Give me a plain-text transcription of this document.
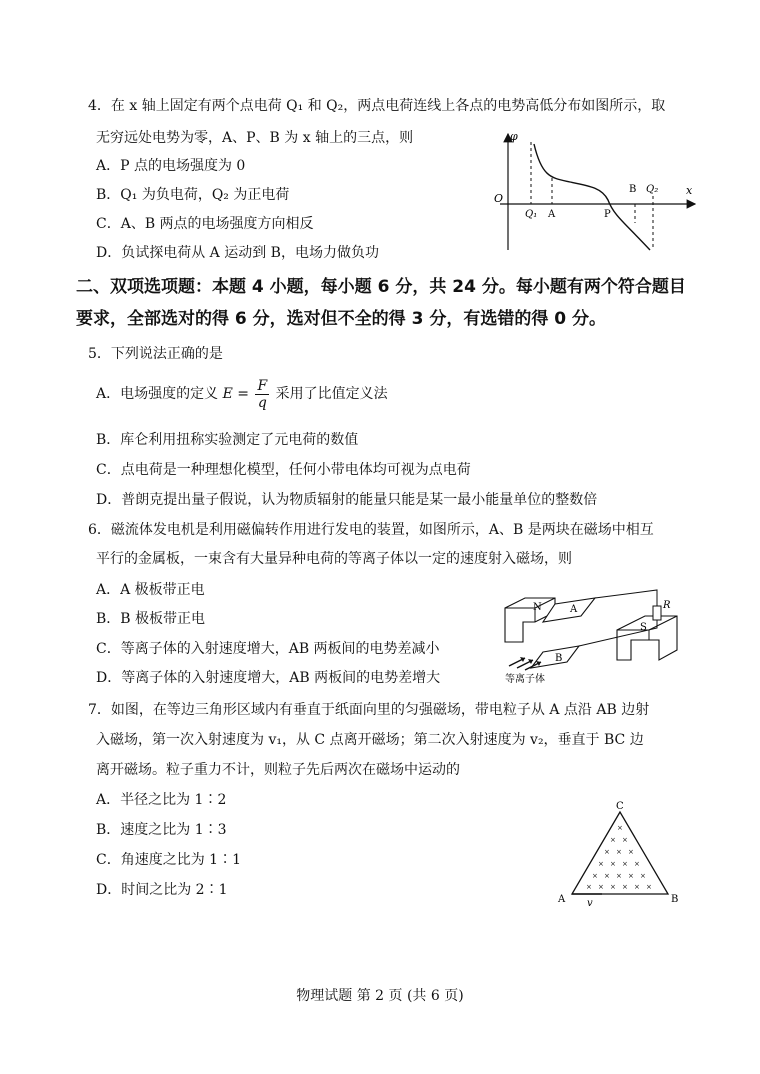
4．在 x 轴上固定有两个点电荷 Q₁ 和 Q₂，两点电荷连线上各点的电势高低分布如图所示，取
无穷远处电势为零，A、P、B 为 x 轴上的三点，则
A．P 点的电场强度为 0
B．Q₁ 为负电荷，Q₂ 为正电荷
C．A、B 两点的电场强度方向相反
D．负试探电荷从 A 运动到 B，电场力做负功
φ
O
Q₁ A	P
B Q₂	x
二、双项选项题：本题 4 小题，每小题 6 分，共 24 分。每小题有两个符合题目
要求，全部选对的得 6 分，选对但不全的得 3 分，有选错的得 0 分。
5．下列说法正确的是
A．电场强度的定义 $E = \frac{F}{q}$ 采用了比值定义法
B．库仑利用扭称实验测定了元电荷的数值
C．点电荷是一种理想化模型，任何小带电体均可视为点电荷
D．普朗克提出量子假说，认为物质辐射的能量只能是某一最小能量单位的整数倍
6．磁流体发电机是利用磁偏转作用进行发电的装置，如图所示，A、B 是两块在磁场中相互
平行的金属板，一束含有大量异种电荷的等离子体以一定的速度射入磁场，则
A．A 极板带正电
B．B 极板带正电
C．等离子体的入射速度增大，AB 两板间的电势差减小
D．等离子体的入射速度增大，AB 两板间的电势差增大
N	A	R
B
S
等离子体
7．如图，在等边三角形区域内有垂直于纸面向里的匀强磁场，带电粒子从 A 点沿 AB 边射
入磁场，第一次入射速度为 v₁，从 C 点离开磁场；第二次入射速度为 v₂，垂直于 BC 边
离开磁场。粒子重力不计，则粒子先后两次在磁场中运动的
A．半径之比为 1∶2
B．速度之比为 1∶3
C．角速度之比为 1∶1
D．时间之比为 2∶1
×
× ×
× × ×
× × × ×
× × × × ×
× × × × × ×
C
A	B
v
物理试题 第 2 页 (共 6 页)
